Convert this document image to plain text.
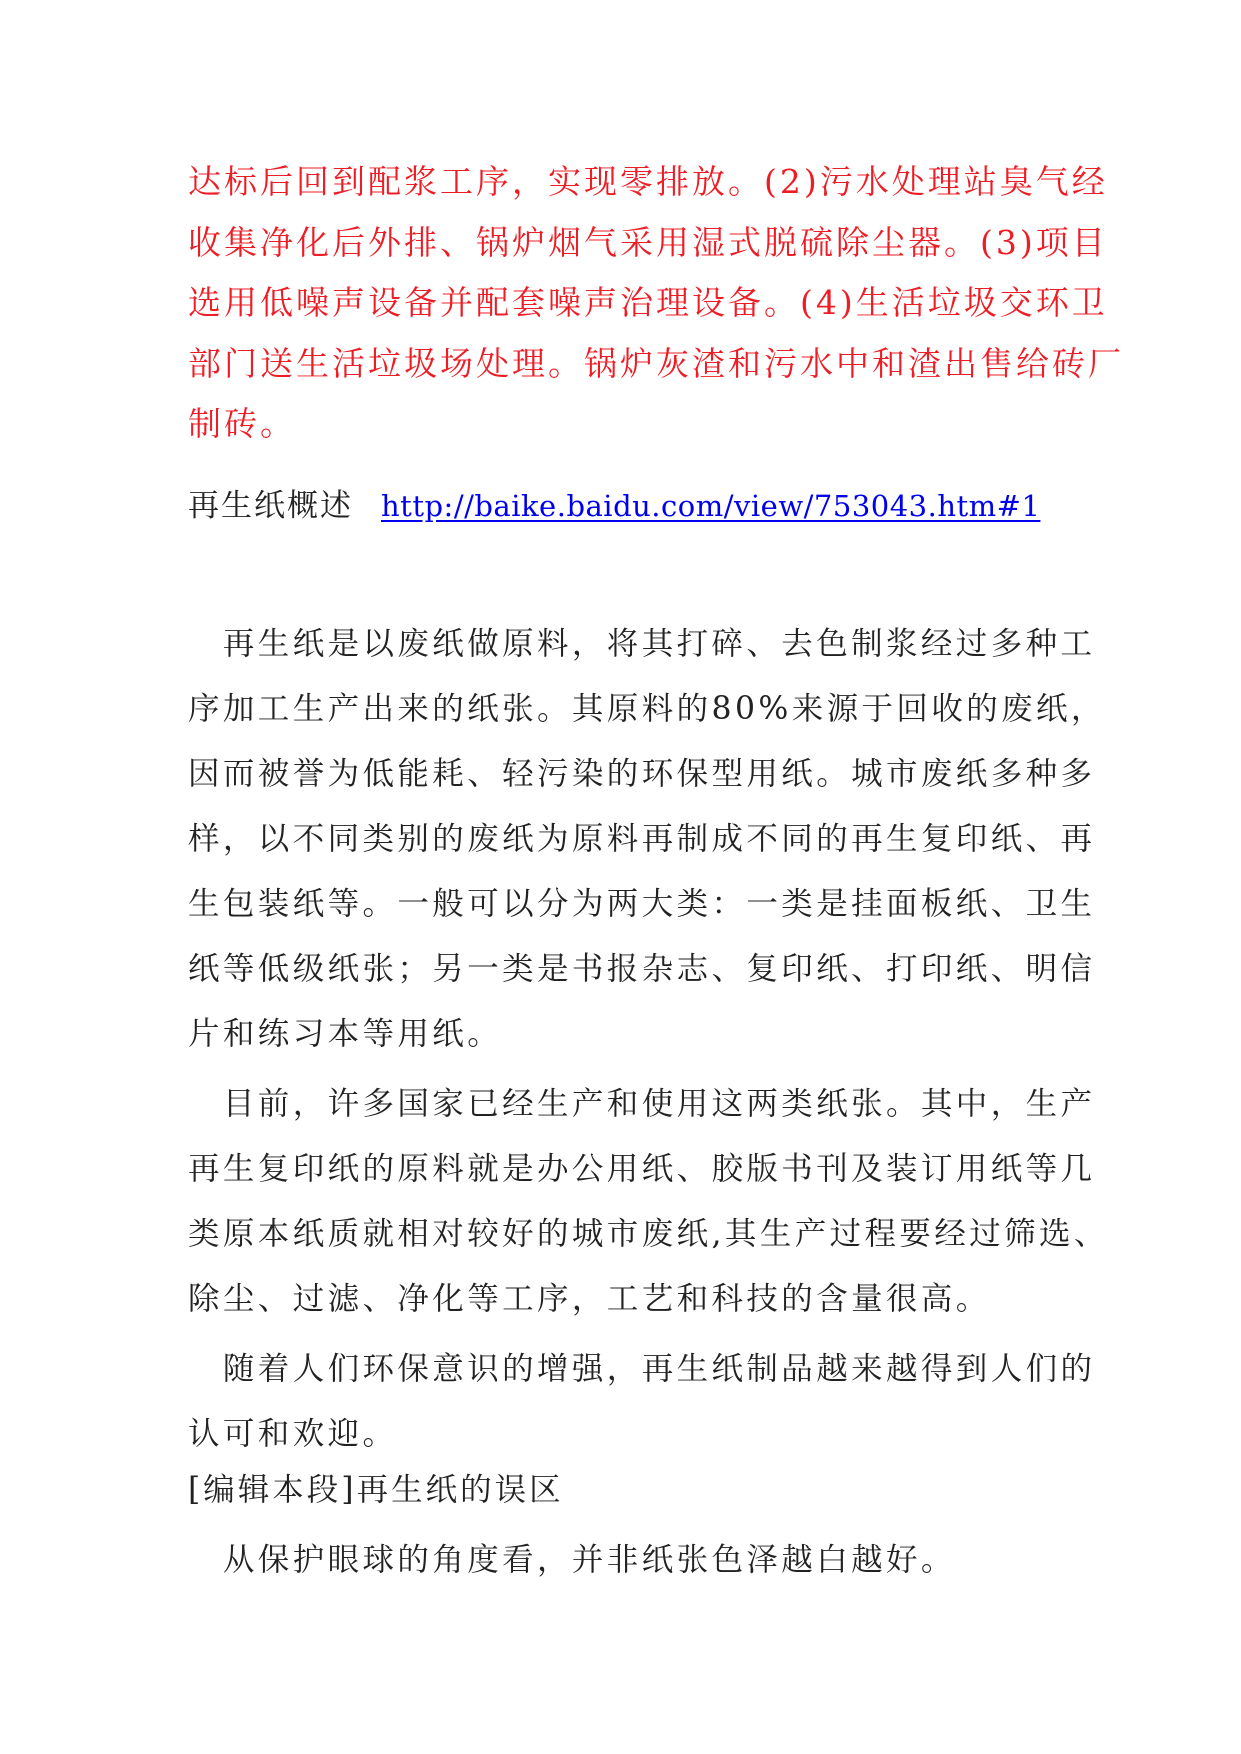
达标后回到配浆工序，实现零排放。(2)污水处理站臭气经
收集净化后外排、锅炉烟气采用湿式脱硫除尘器。(3)项目
选用低噪声设备并配套噪声治理设备。(4)生活垃圾交环卫
部门送生活垃圾场处理。锅炉灰渣和污水中和渣出售给砖厂
制砖。
再生纸概述 http://baike.baidu.com/view/753043.htm#1
　再生纸是以废纸做原料，将其打碎、去色制浆经过多种工
序加工生产出来的纸张。其原料的80%来源于回收的废纸，
因而被誉为低能耗、轻污染的环保型用纸。城市废纸多种多
样，以不同类别的废纸为原料再制成不同的再生复印纸、再
生包装纸等。一般可以分为两大类：一类是挂面板纸、卫生
纸等低级纸张；另一类是书报杂志、复印纸、打印纸、明信
片和练习本等用纸。
　目前，许多国家已经生产和使用这两类纸张。其中，生产
再生复印纸的原料就是办公用纸、胶版书刊及装订用纸等几
类原本纸质就相对较好的城市废纸,其生产过程要经过筛选、
除尘、过滤、净化等工序，工艺和科技的含量很高。
　随着人们环保意识的增强，再生纸制品越来越得到人们的
认可和欢迎。
[编辑本段]再生纸的误区
　从保护眼球的角度看，并非纸张色泽越白越好。
